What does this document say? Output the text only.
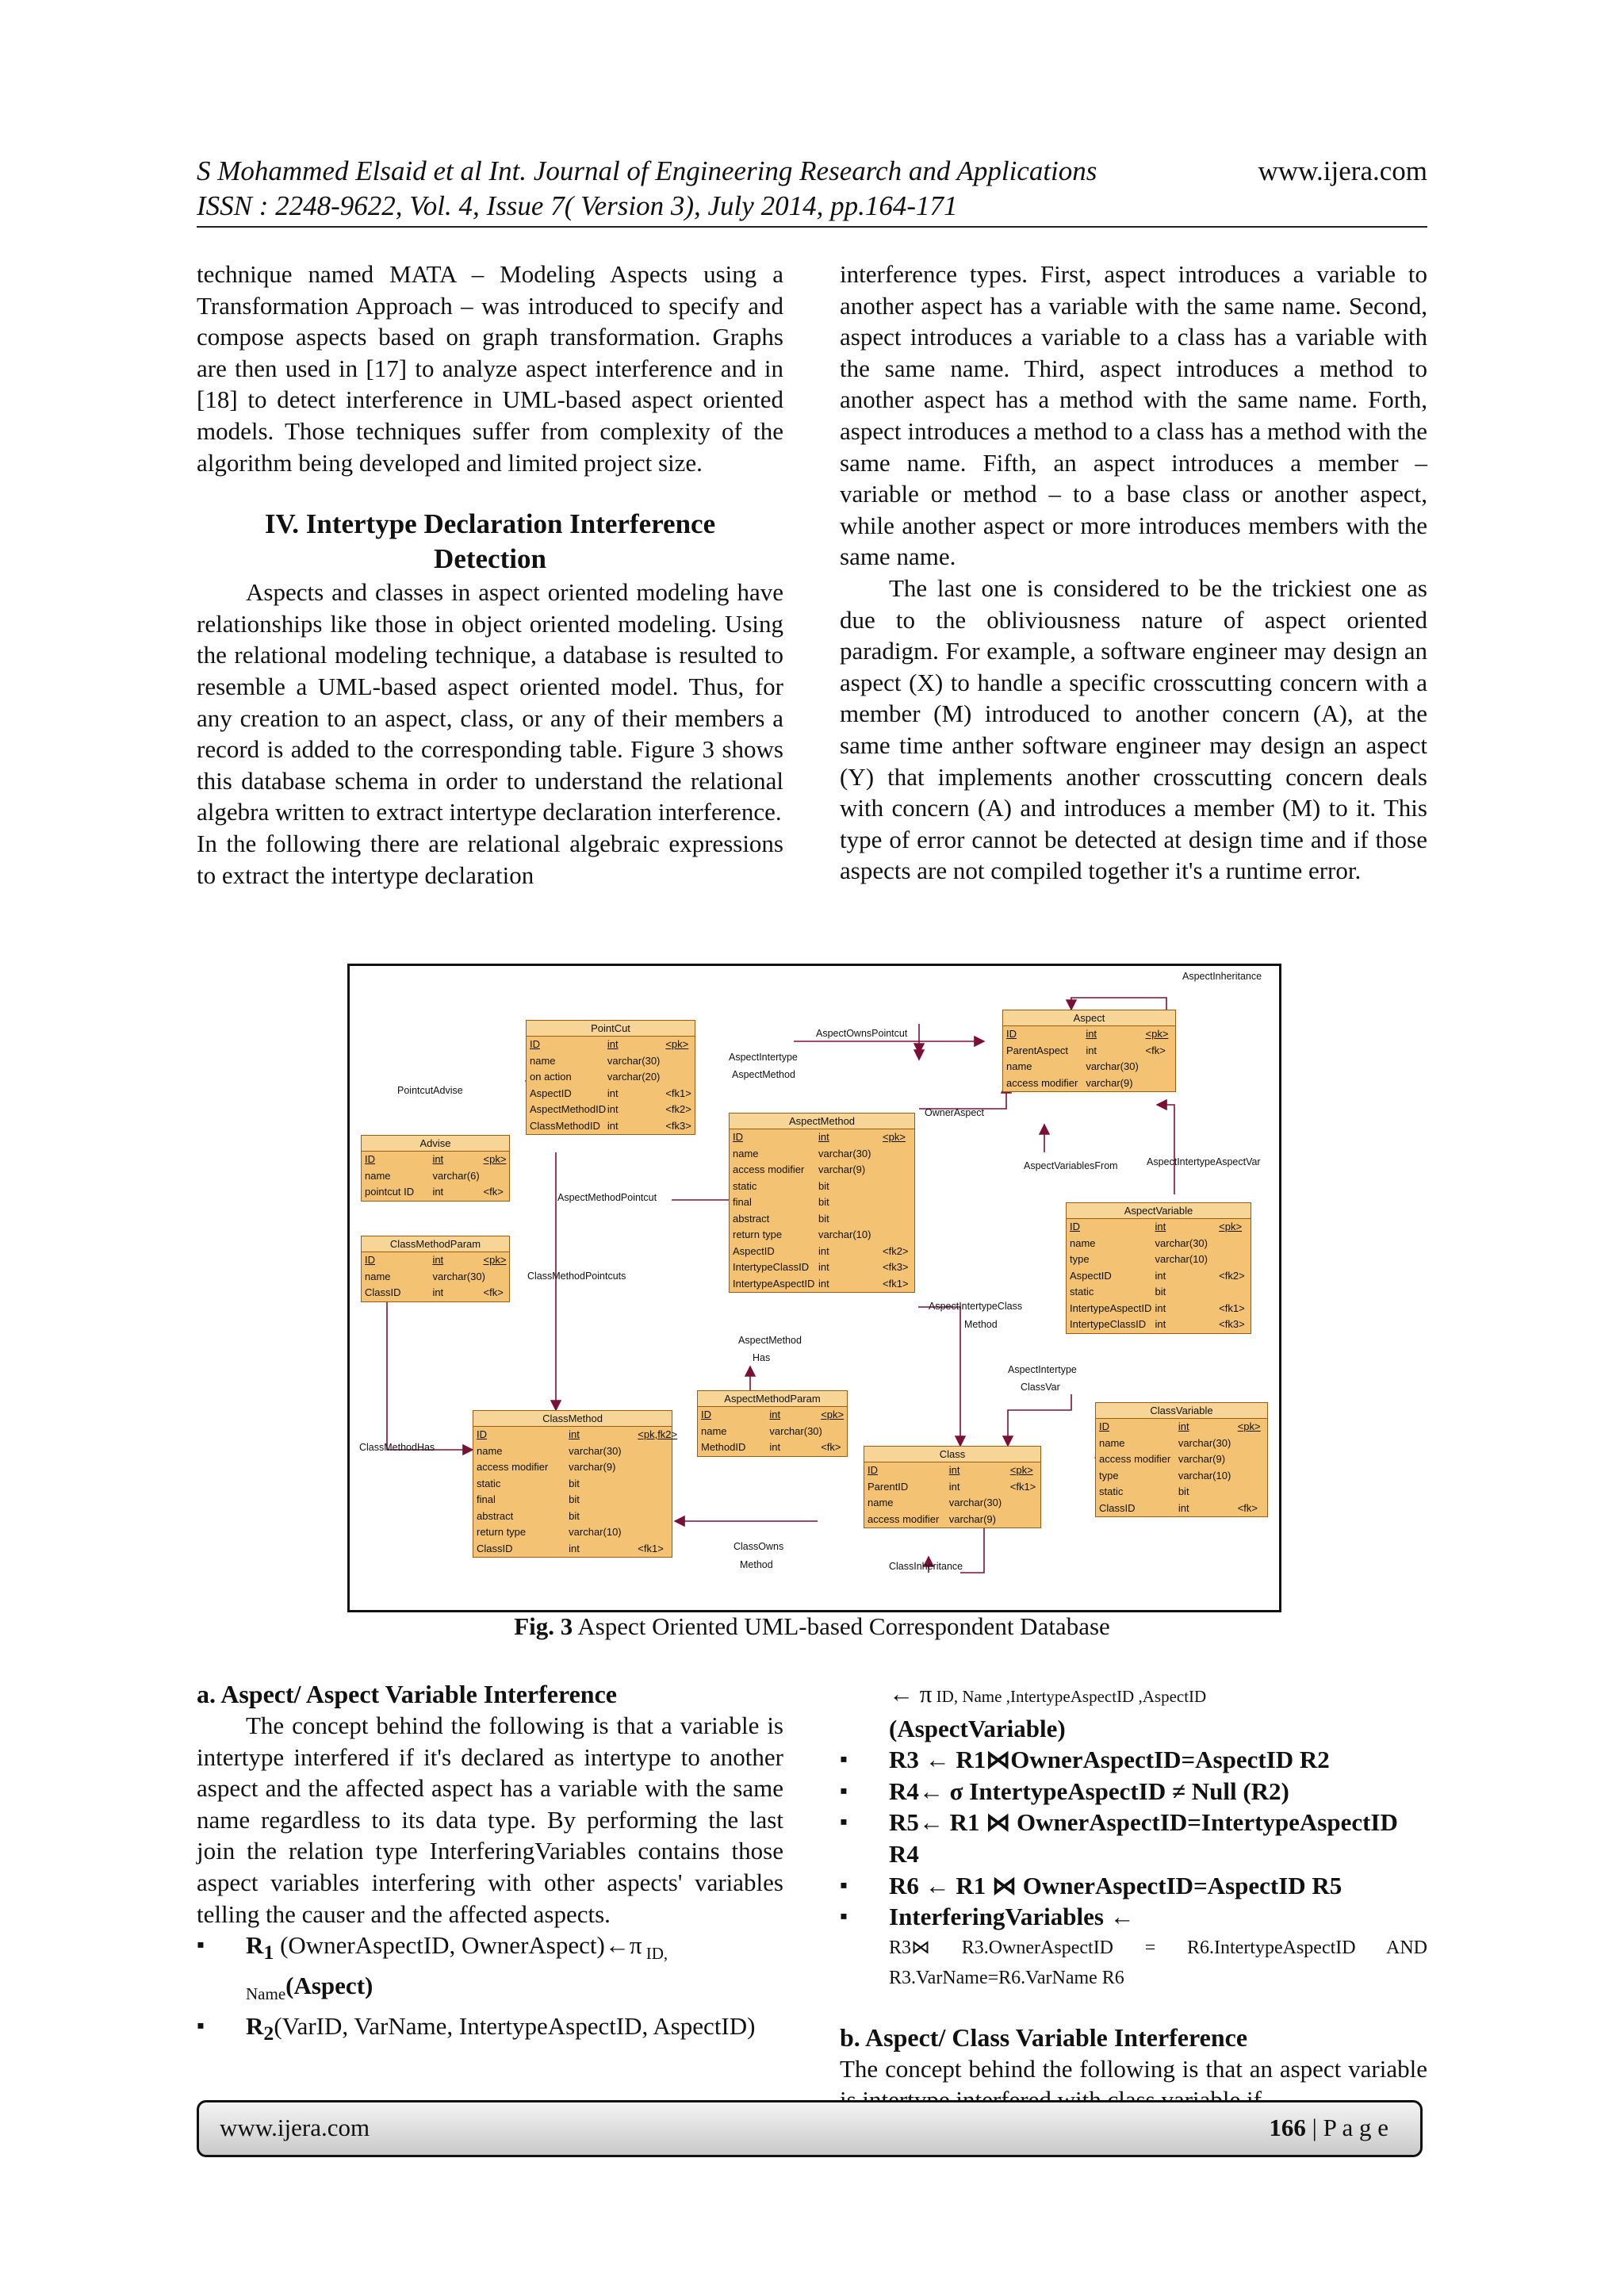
S Mohammed Elsaid et al Int. Journal of Engineering Research and Applications
ISSN : 2248-9622, Vol. 4, Issue 7( Version 3), July 2014, pp.164-171
www.ijera.com

technique named MATA – Modeling Aspects using a Transformation Approach – was introduced to specify and compose aspects based on graph transformation. Graphs are then used in [17] to analyze aspect interference and in [18] to detect interference in UML-based aspect oriented models. Those techniques suffer from complexity of the algorithm being developed and limited project size.

IV. Intertype Declaration Interference
Detection

Aspects and classes in aspect oriented modeling have relationships like those in object oriented modeling. Using the relational modeling technique, a database is resulted to resemble a UML-based aspect oriented model. Thus, for any creation to an aspect, class, or any of their members a record is added to the corresponding table. Figure 3 shows this database schema in order to understand the relational algebra written to extract intertype declaration interference.

In the following there are relational algebraic expressions to extract the intertype declaration

interference types. First, aspect introduces a variable to another aspect has a variable with the same name. Second, aspect introduces a variable to a class has a variable with the same name. Third, aspect introduces a method to another aspect has a method with the same name. Forth, aspect introduces a method to a class has a method with the same name. Fifth, an aspect introduces a member – variable or method – to a base class or another aspect, while another aspect or more introduces members with the same name.

The last one is considered to be the trickiest one as due to the obliviousness nature of aspect oriented paradigm. For example, a software engineer may design an aspect (X) to handle a specific crosscutting concern with a member (M) introduced to another concern (A), at the same time anther software engineer may design an aspect (Y) that implements another crosscutting concern deals with concern (A) and introduces a member (M) to it. This type of error cannot be detected at design time and if those aspects are not compiled together it's a runtime error.

AspectInheritance
AspectOwnsPointcut
PointcutAdvise
AspectIntertype
AspectMethod
OwnerAspect
AspectVariablesFrom	AspectIntertypeAspectVar
AspectMethodPointcut
ClassMethodPointcuts
AspectIntertypeClass
Method
AspectMethod
Has
AspectIntertype
ClassVar
ClassMethodHas
ClassOwns
Method	ClassInheritance
PointCut
ID	int	<pk>
name	varchar(30)
on action	varchar(20)
AspectID	int	<fk1>
AspectMethodID int	<fk2>
ClassMethodID int	<fk3>
Aspect
ID	int	<pk>
ParentAspect	int	<fk>
name	varchar(30)
access modifier varchar(9)
Advise
ID	int	<pk>
name	varchar(6)
pointcut ID	int	<fk>
AspectMethod
ID	int	<pk>
name	varchar(30)
access modifier	varchar(9)
static	bit
final	bit
abstract	bit
return type	varchar(10)
AspectID	int	<fk2>
IntertypeClassID int	<fk3>
IntertypeAspectID int	<fk1>
ClassMethodParam
ID	int	<pk>
name	varchar(30)
ClassID	int	<fk>
AspectVariable
ID	int	<pk>
name	varchar(30)
type	varchar(10)
AspectID	int	<fk2>
static	bit
IntertypeAspectID int	<fk1>
IntertypeClassID int	<fk3>
AspectMethodParam
ID	int	<pk>
name	varchar(30)
MethodID	int	<fk>
ClassMethod
ID	int	<pk,fk2>
name	varchar(30)
access modifier	varchar(9)
static	bit
final	bit
abstract	bit
return type	varchar(10)
ClassID	int	<fk1>
Class
ID	int	<pk>
ParentID	int	<fk1>
name	varchar(30)
access modifier varchar(9)
ClassVariable
ID	int	<pk>
name	varchar(30)
access modifier varchar(9)
type	varchar(10)
static	bit
ClassID	int	<fk>
Fig. 3 Aspect Oriented UML-based Correspondent Database

a. Aspect/ Aspect Variable Interference

The concept behind the following is that a variable is intertype interfered if it's declared as intertype to another aspect and the affected aspect has a variable with the same name regardless to its data type. By performing the last join the relation type InterferingVariables contains those aspect variables interfering with other aspects' variables telling the causer and the affected aspects.

▪ $R_1$ (OwnerAspectID, OwnerAspect)←π $_{ID, Name}$(Aspect)
▪ $R_2(VarID$, VarName, IntertypeAspectID, AspectID)
← π ID, Name ,IntertypeAspectID ,AspectID
(AspectVariable)
▪ R3 ← R1⋈OwnerAspectID=AspectID R2
▪ R4← σ IntertypeAspectID ≠ Null (R2)
▪ R5← R1 ⋈ OwnerAspectID=IntertypeAspectID R4
▪ R6 ← R1 ⋈ OwnerAspectID=AspectID R5
▪ InterferingVariables ←
R3⋈ R3.OwnerAspectID = R6.IntertypeAspectID AND R3.VarName=R6.VarName R6

b. Aspect/ Class Variable Interference

The concept behind the following is that an aspect variable

www.ijera.com	166 | P a g e
